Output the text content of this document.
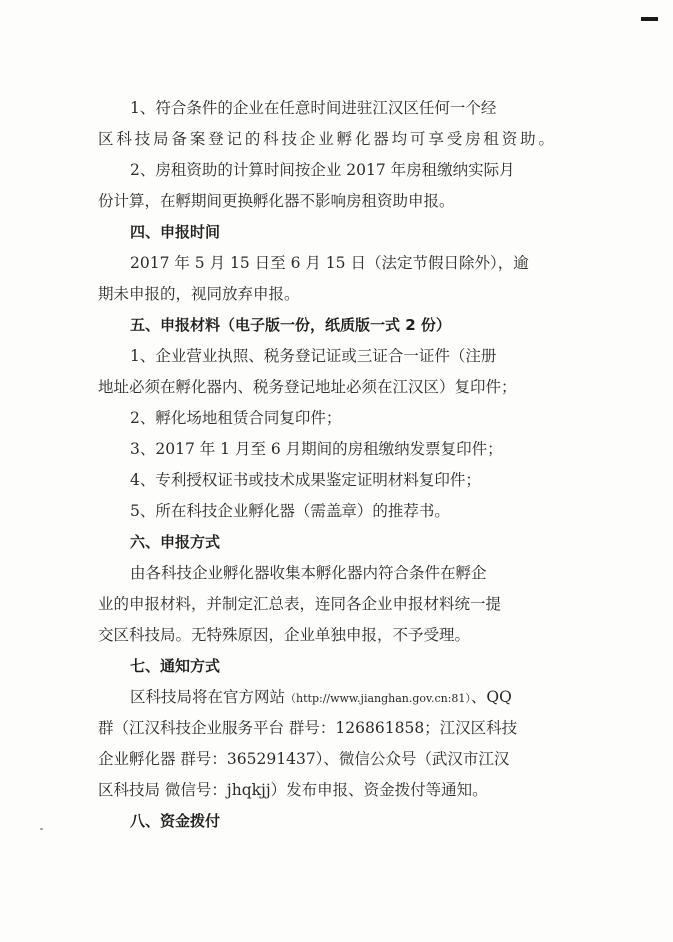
1、符合条件的企业在任意时间进驻江汉区任何一个经
区科技局备案登记的科技企业孵化器均可享受房租资助。
2、房租资助的计算时间按企业 2017 年房租缴纳实际月
份计算，在孵期间更换孵化器不影响房租资助申报。
四、申报时间
2017 年 5 月 15 日至 6 月 15 日（法定节假日除外），逾
期未申报的，视同放弃申报。
五、申报材料（电子版一份，纸质版一式 2 份）
1、企业营业执照、税务登记证或三证合一证件（注册
地址必须在孵化器内、税务登记地址必须在江汉区）复印件；
2、孵化场地租赁合同复印件；
3、2017 年 1 月至 6 月期间的房租缴纳发票复印件；
4、专利授权证书或技术成果鉴定证明材料复印件；
5、所在科技企业孵化器（需盖章）的推荐书。
六、申报方式
由各科技企业孵化器收集本孵化器内符合条件在孵企
业的申报材料，并制定汇总表，连同各企业申报材料统一提
交区科技局。无特殊原因，企业单独申报，不予受理。
七、通知方式
区科技局将在官方网站（http://www.jianghan.gov.cn:81）、QQ
群（江汉科技企业服务平台 群号：126861858；江汉区科技
企业孵化器 群号：365291437）、微信公众号（武汉市江汉
区科技局 微信号：jhqkjj）发布申报、资金拨付等通知。
八、资金拨付
